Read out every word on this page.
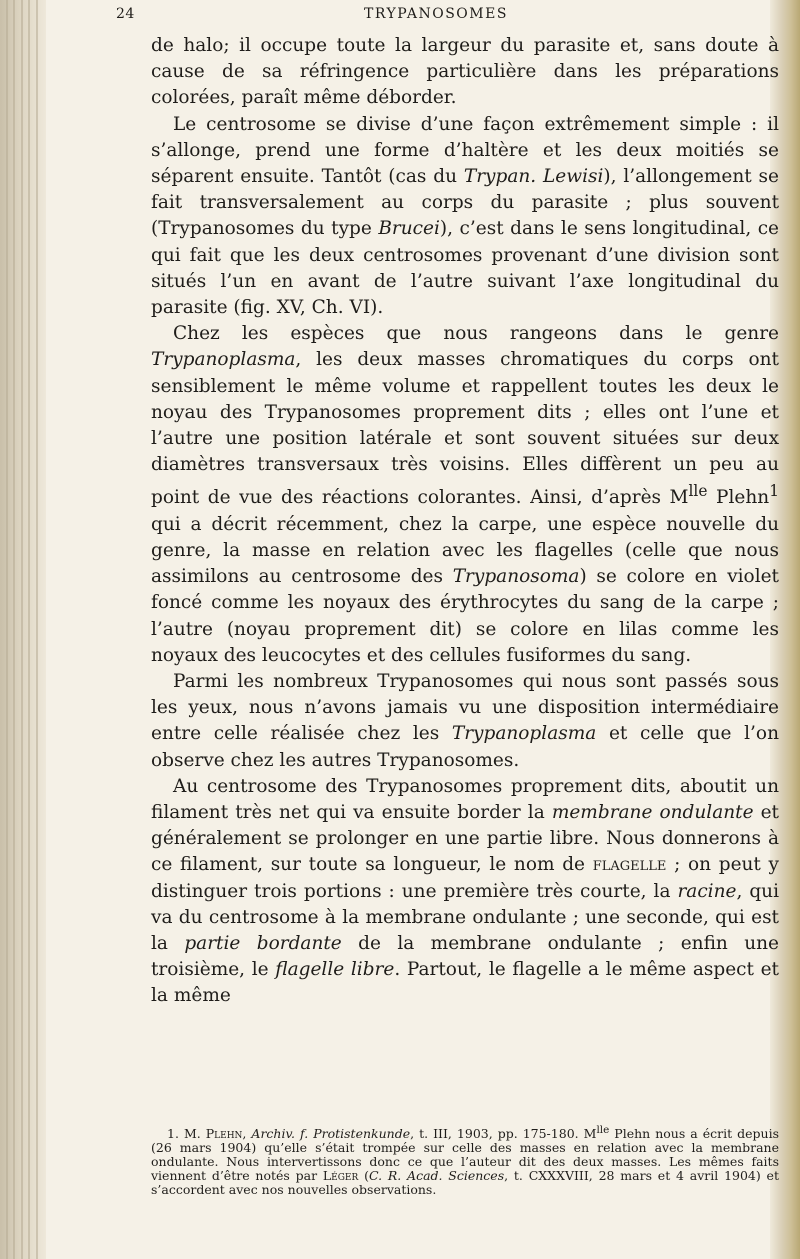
24	TRYPANOSOMES

de halo; il occupe toute la largeur du parasite et, sans doute à cause de sa réfringence particulière dans les préparations colorées, paraît même déborder.

Le centrosome se divise d’une façon extrêmement simple : il s’allonge, prend une forme d’haltère et les deux moitiés se séparent ensuite. Tantôt (cas du Trypan. Lewisi), l’allongement se fait transversalement au corps du parasite ; plus souvent (Trypanosomes du type Brucei), c’est dans le sens longitudinal, ce qui fait que les deux centrosomes provenant d’une division sont situés l’un en avant de l’autre suivant l’axe longitudinal du parasite (fig. XV, Ch. VI).

Chez les espèces que nous rangeons dans le genre Trypanoplasma, les deux masses chromatiques du corps ont sensiblement le même volume et rappellent toutes les deux le noyau des Trypanosomes proprement dits ; elles ont l’une et l’autre une position latérale et sont souvent situées sur deux diamètres transversaux très voisins. Elles diffèrent un peu au point de vue des réactions colorantes. Ainsi, d’après $M^{lle}$ Plehn$^1$ qui a décrit récemment, chez la carpe, une espèce nouvelle du genre, la masse en relation avec les flagelles (celle que nous assimilons au centrosome des Trypanosoma) se colore en violet foncé comme les noyaux des érythrocytes du sang de la carpe ; l’autre (noyau proprement dit) se colore en lilas comme les noyaux des leucocytes et des cellules fusiformes du sang.

Parmi les nombreux Trypanosomes qui nous sont passés sous les yeux, nous n’avons jamais vu une disposition intermédiaire entre celle réalisée chez les Trypanoplasma et celle que l’on observe chez les autres Trypanosomes.

Au centrosome des Trypanosomes proprement dits, aboutit un filament très net qui va ensuite border la membrane ondulante et généralement se prolonger en une partie libre. Nous donnerons à ce filament, sur toute sa longueur, le nom de flagelle ; on peut y distinguer trois portions : une première très courte, la racine, qui va du centrosome à la membrane ondulante ; une seconde, qui est la partie bordante de la membrane ondulante ; enfin une troisième, le flagelle libre. Partout, le flagelle a le même aspect et la même

1. M. Plehn, Archiv. f. Protistenkunde, t. III, 1903, pp. 175-180. $M^{lle}$ Plehn nous a écrit depuis (26 mars 1904) qu’elle s’était trompée sur celle des masses en relation avec la membrane ondulante. Nous intervertissons donc ce que l’auteur dit des deux masses. Les mêmes faits viennent d’être notés par Léger (C. R. Acad. Sciences, t. CXXXVIII, 28 mars et 4 avril 1904) et s’accordent avec nos nouvelles observations.
